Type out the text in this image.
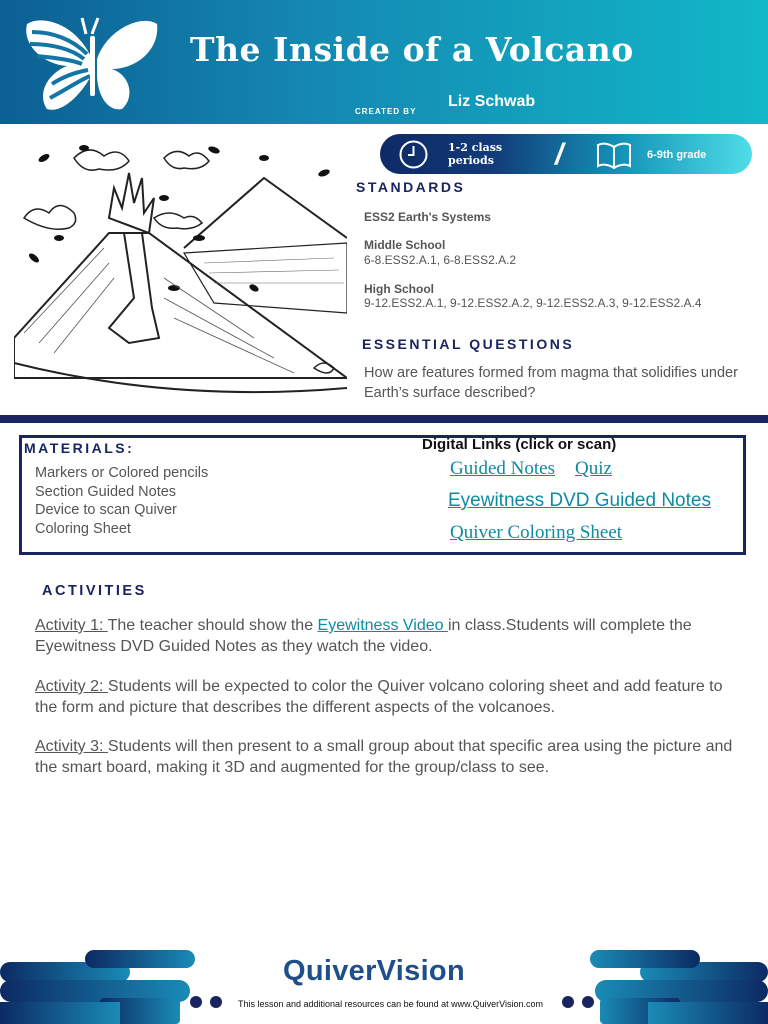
The Inside of a Volcano
CREATED BY
Liz Schwab
1-2 class periods	/	6-9th grade
STANDARDS
ESS2 Earth's Systems
Middle School
6-8.ESS2.A.1, 6-8.ESS2.A.2
High School
9-12.ESS2.A.1, 9-12.ESS2.A.2, 9-12.ESS2.A.3, 9-12.ESS2.A.4
ESSENTIAL QUESTIONS
How are features formed from magma that solidifies under Earth’s surface described?
MATERIALS:
Markers or Colored pencils
Section Guided Notes
Device to scan Quiver
Coloring Sheet
Digital Links (click or scan)
Guided Notes Quiz
Eyewitness DVD Guided Notes
Quiver Coloring Sheet
ACTIVITIES
Activity 1: The teacher should show the Eyewitness Video in class.Students will complete the Eyewitness DVD Guided Notes as they watch the video.
Activity 2: Students will be expected to color the Quiver volcano coloring sheet and add feature to the form and picture that describes the different aspects of the volcanoes.
Activity 3: Students will then present to a small group about that specific area using the picture and the smart board, making it 3D and augmented for the group/class to see.
QuiverVision
This lesson and additional resources can be found at www.QuiverVision.com
